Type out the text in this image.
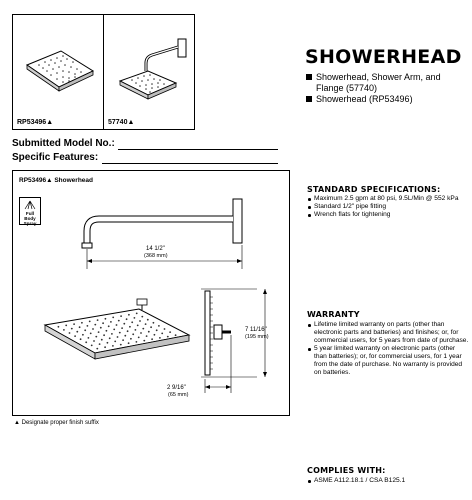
RP53496▲	57740▲
SHOWERHEAD
Showerhead, Shower Arm, and Flange (57740)
Showerhead (RP53496)
Submitted Model No.:
Specific Features:
RP53496▲ Showerhead
Full Body Spray
14 1/2"
(368 mm)
7 11/16"
(195 mm)
2 9/16"
(65 mm)
▲ Designate proper finish suffix
STANDARD SPECIFICATIONS:
Maximum 2.5 gpm at 80 psi, 9.5L/Min @ 552 kPa
Standard 1/2" pipe fitting
Wrench flats for tightening
WARRANTY
Lifetime limited warranty on parts (other than electronic parts and batteries) and finishes; or, for commercial users, for 5 years from date of purchase.
5 year limited warranty on electronic parts (other than batteries); or, for commercial users, for 1 year from the date of purchase. No warranty is provided on batteries.
COMPLIES WITH:
ASME A112.18.1 / CSA B125.1
